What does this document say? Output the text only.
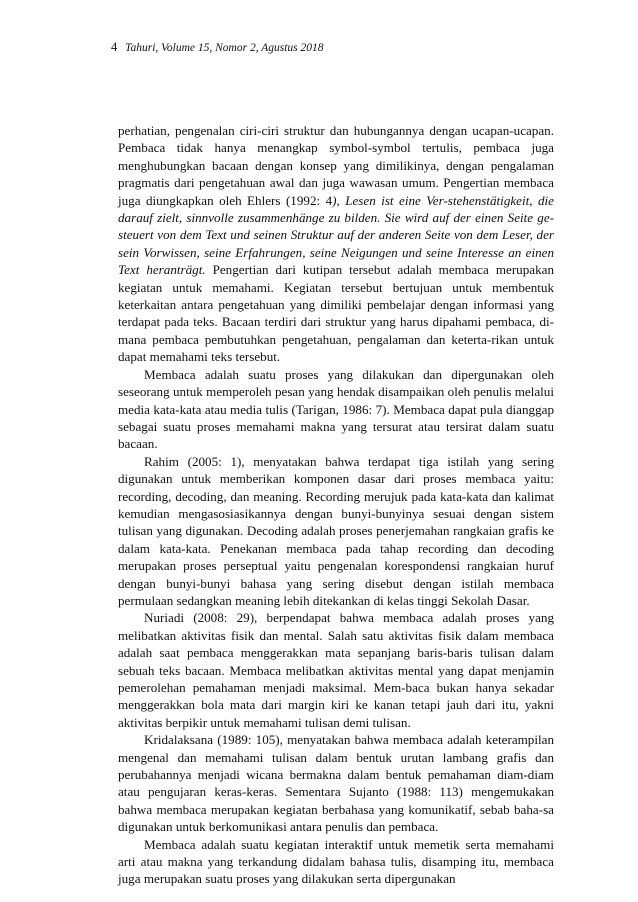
4 Tahuri, Volume 15, Nomor 2, Agustus 2018

perhatian, pengenalan ciri-ciri struktur dan hubungannya dengan ucapan-ucapan. Pembaca tidak hanya menangkap symbol-symbol tertulis, pembaca juga menghubungkan bacaan dengan konsep yang dimilikinya, dengan pengalaman pragmatis dari pengetahuan awal dan juga wawasan umum. Pengertian membaca juga diungkapkan oleh Ehlers (1992: 4), Lesen ist eine Ver-stehenstätigkeit, die darauf zielt, sinnvolle zusammenhänge zu bilden. Sie wird auf der einen Seite ge-steuert von dem Text und seinen Struktur auf der anderen Seite von dem Leser, der sein Vorwissen, seine Erfahrungen, seine Neigungen und seine Interesse an einen Text heranträgt. Pengertian dari kutipan tersebut adalah membaca merupakan kegiatan untuk memahami. Kegiatan tersebut bertujuan untuk membentuk keterkaitan antara pengetahuan yang dimiliki pembelajar dengan informasi yang terdapat pada teks. Bacaan terdiri dari struktur yang harus dipahami pembaca, di-mana pembaca pembutuhkan pengetahuan, pengalaman dan keterta-rikan untuk dapat memahami teks tersebut.

Membaca adalah suatu proses yang dilakukan dan dipergunakan oleh seseorang untuk memperoleh pesan yang hendak disampaikan oleh penulis melalui media kata-kata atau media tulis (Tarigan, 1986: 7). Membaca dapat pula dianggap sebagai suatu proses memahami makna yang tersurat atau tersirat dalam suatu bacaan.

Rahim (2005: 1), menyatakan bahwa terdapat tiga istilah yang sering digunakan untuk memberikan komponen dasar dari proses membaca yaitu: recording, decoding, dan meaning. Recording merujuk pada kata-kata dan kalimat kemudian mengasosiasikannya dengan bunyi-bunyinya sesuai dengan sistem tulisan yang digunakan. Decoding adalah proses penerjemahan rangkaian grafis ke dalam kata-kata. Penekanan membaca pada tahap recording dan decoding merupakan proses perseptual yaitu pengenalan korespondensi rangkaian huruf dengan bunyi-bunyi bahasa yang sering disebut dengan istilah membaca permulaan sedangkan meaning lebih ditekankan di kelas tinggi Sekolah Dasar.

Nuriadi (2008: 29), berpendapat bahwa membaca adalah proses yang melibatkan aktivitas fisik dan mental. Salah satu aktivitas fisik dalam membaca adalah saat pembaca menggerakkan mata sepanjang baris-baris tulisan dalam sebuah teks bacaan. Membaca melibatkan aktivitas mental yang dapat menjamin pemerolehan pemahaman menjadi maksimal. Mem-baca bukan hanya sekadar menggerakkan bola mata dari margin kiri ke kanan tetapi jauh dari itu, yakni aktivitas berpikir untuk memahami tulisan demi tulisan.

Kridalaksana (1989: 105), menyatakan bahwa membaca adalah keterampilan mengenal dan memahami tulisan dalam bentuk urutan lambang grafis dan perubahannya menjadi wicana bermakna dalam bentuk pemahaman diam-diam atau pengujaran keras-keras. Sementara Sujanto (1988: 113) mengemukakan bahwa membaca merupakan kegiatan berbahasa yang komunikatif, sebab baha-sa digunakan untuk berkomunikasi antara penulis dan pembaca.

Membaca adalah suatu kegiatan interaktif untuk memetik serta memahami arti atau makna yang terkandung didalam bahasa tulis, disamping itu, membaca juga merupakan suatu proses yang dilakukan serta dipergunakan
